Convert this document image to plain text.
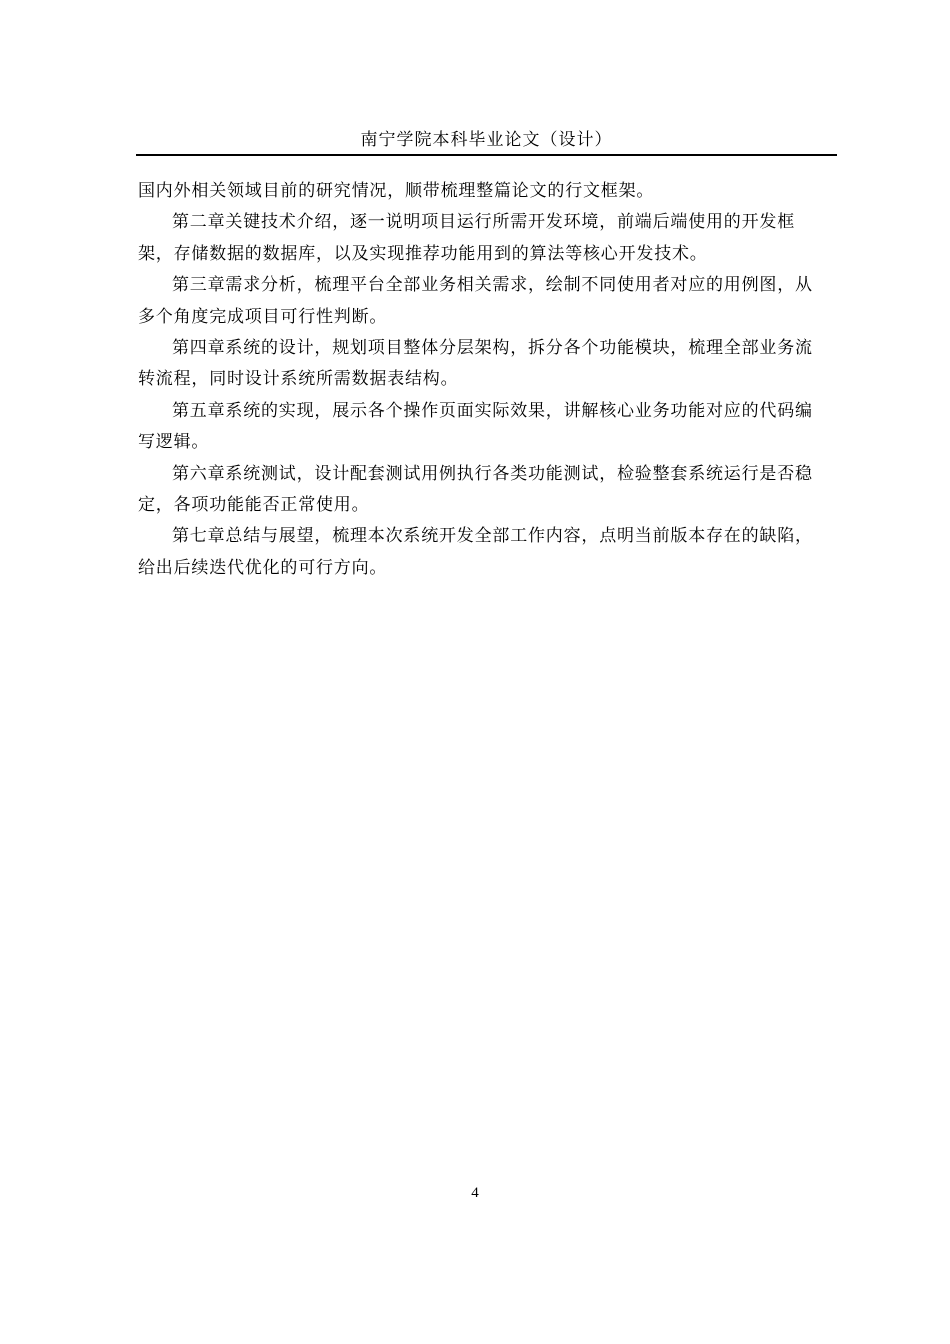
南宁学院本科毕业论文（设计）

国内外相关领域目前的研究情况，顺带梳理整篇论文的行文框架。

第二章关键技术介绍，逐一说明项目运行所需开发环境，前端后端使用的开发框架，存储数据的数据库，以及实现推荐功能用到的算法等核心开发技术。

第三章需求分析，梳理平台全部业务相关需求，绘制不同使用者对应的用例图，从多个角度完成项目可行性判断。

第四章系统的设计，规划项目整体分层架构，拆分各个功能模块，梳理全部业务流转流程，同时设计系统所需数据表结构。

第五章系统的实现，展示各个操作页面实际效果，讲解核心业务功能对应的代码编写逻辑。

第六章系统测试，设计配套测试用例执行各类功能测试，检验整套系统运行是否稳定，各项功能能否正常使用。

第七章总结与展望，梳理本次系统开发全部工作内容，点明当前版本存在的缺陷，给出后续迭代优化的可行方向。

4
